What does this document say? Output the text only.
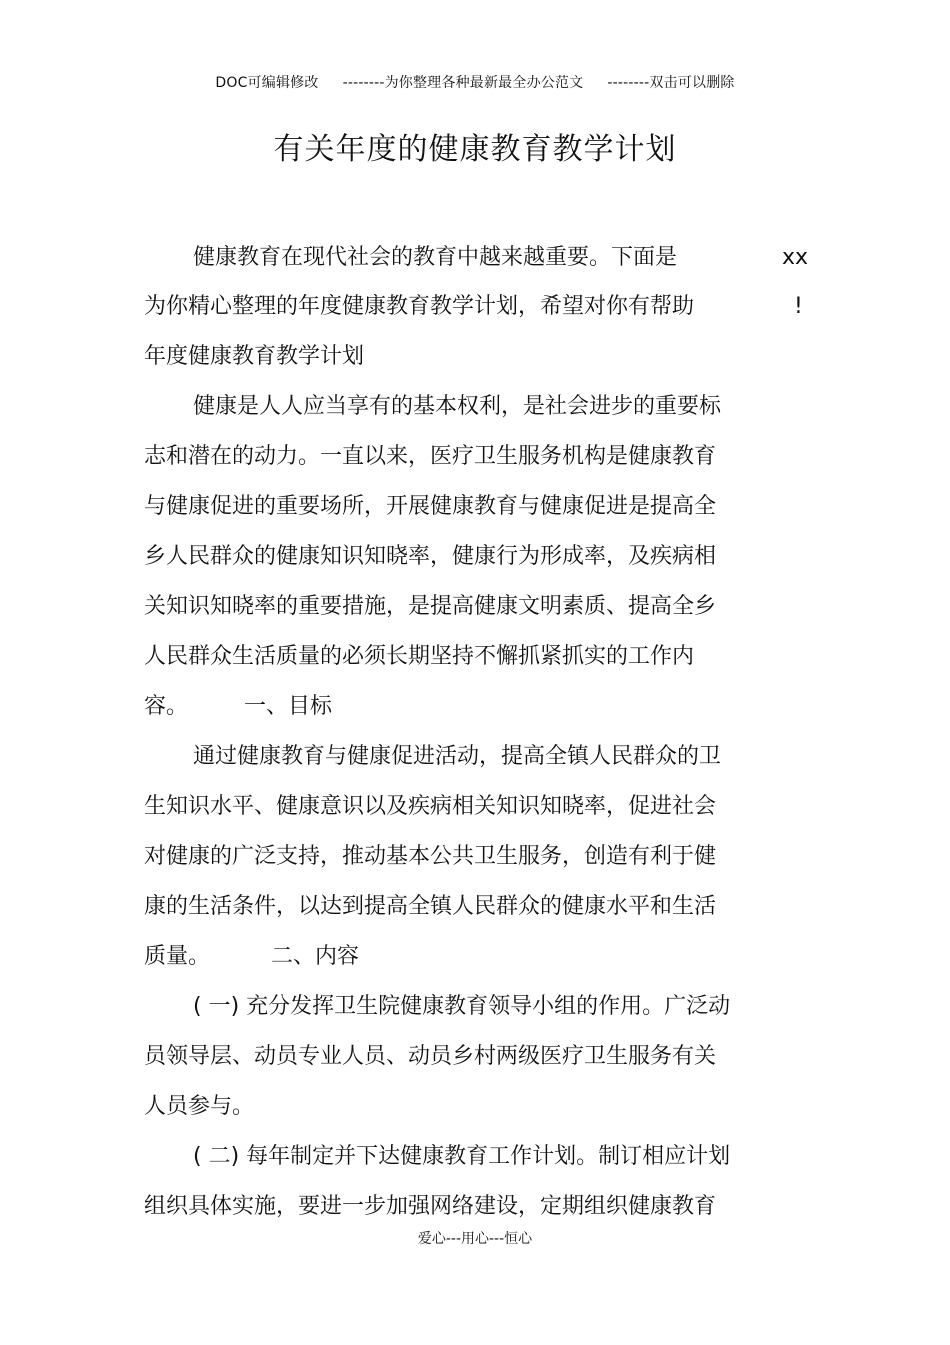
DOC可编辑修改 --------为你整理各种最新最全办公范文 --------双击可以删除
有关年度的健康教育教学计划
健康教育在现代社会的教育中越来越重要。下面是	xx
为你精心整理的年度健康教育教学计划，希望对你有帮助	!
年度健康教育教学计划
健康是人人应当享有的基本权利，是社会进步的重要标
志和潜在的动力。一直以来，医疗卫生服务机构是健康教育
与健康促进的重要场所，开展健康教育与健康促进是提高全
乡人民群众的健康知识知晓率，健康行为形成率，及疾病相
关知识知晓率的重要措施，是提高健康文明素质、提高全乡
人民群众生活质量的必须长期坚持不懈抓紧抓实的工作内
容。	一、目标
通过健康教育与健康促进活动，提高全镇人民群众的卫
生知识水平、健康意识以及疾病相关知识知晓率，促进社会
对健康的广泛支持，推动基本公共卫生服务，创造有利于健
康的生活条件，以达到提高全镇人民群众的健康水平和生活
质量。	二、内容
( 一) 充分发挥卫生院健康教育领导小组的作用。广泛动
员领导层、动员专业人员、动员乡村两级医疗卫生服务有关
人员参与。
( 二) 每年制定并下达健康教育工作计划。制订相应计划
组织具体实施，要进一步加强网络建设，定期组织健康教育
爱心---用心---恒心
